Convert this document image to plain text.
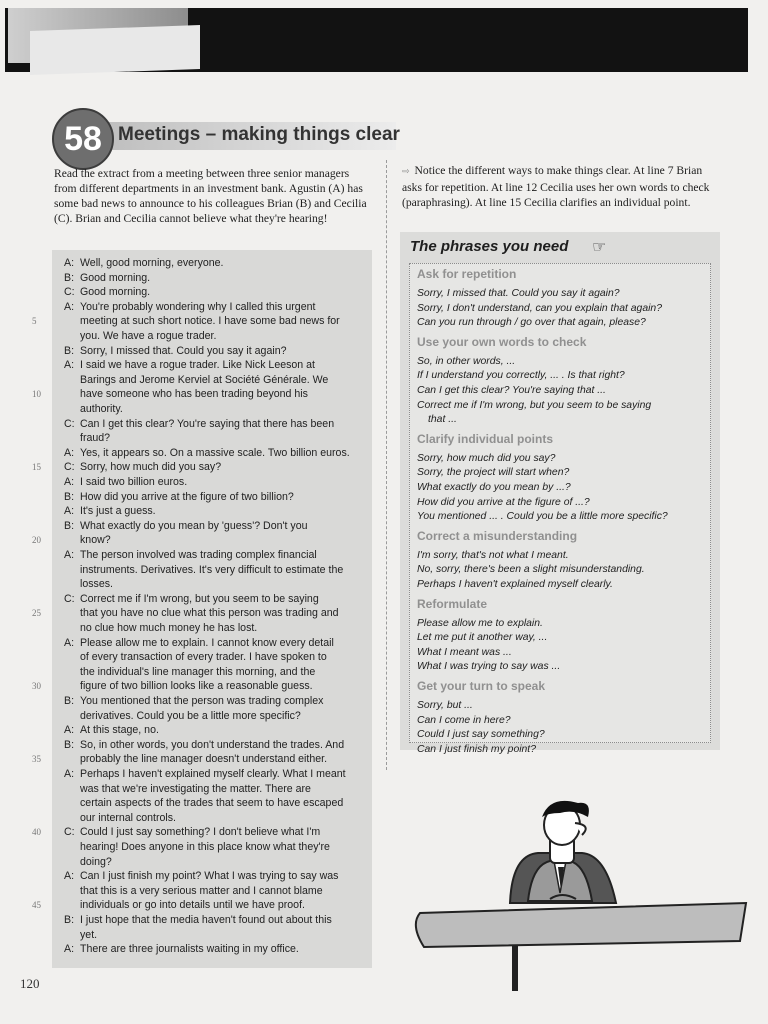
58 Meetings – making things clear
Read the extract from a meeting between three senior managers from different departments in an investment bank. Agustin (A) has some bad news to announce to his colleagues Brian (B) and Cecilia (C). Brian and Cecilia cannot believe what they're hearing!
⇨ Notice the different ways to make things clear. At line 7 Brian asks for repetition. At line 12 Cecilia uses her own words to check (paraphrasing). At line 15 Cecilia clarifies an individual point.
A: Well, good morning, everyone.
B: Good morning.
C: Good morning.
A: You're probably wondering why I called this urgent
meeting at such short notice. I have some bad news for
you. We have a rogue trader.
B: Sorry, I missed that. Could you say it again?
A: I said we have a rogue trader. Like Nick Leeson at
Barings and Jerome Kerviel at Société Générale. We
have someone who has been trading beyond his
authority.
C: Can I get this clear? You're saying that there has been
fraud?
A: Yes, it appears so. On a massive scale. Two billion euros.
C: Sorry, how much did you say?
A: I said two billion euros.
B: How did you arrive at the figure of two billion?
A: It's just a guess.
B: What exactly do you mean by 'guess'? Don't you
know?
A: The person involved was trading complex financial
instruments. Derivatives. It's very difficult to estimate the
losses.
C: Correct me if I'm wrong, but you seem to be saying
that you have no clue what this person was trading and
no clue how much money he has lost.
A: Please allow me to explain. I cannot know every detail
of every transaction of every trader. I have spoken to
the individual's line manager this morning, and the
figure of two billion looks like a reasonable guess.
B: You mentioned that the person was trading complex
derivatives. Could you be a little more specific?
A: At this stage, no.
B: So, in other words, you don't understand the trades. And
probably the line manager doesn't understand either.
A: Perhaps I haven't explained myself clearly. What I meant
was that we're investigating the matter. There are
certain aspects of the trades that seem to have escaped
our internal controls.
C: Could I just say something? I don't believe what I'm
hearing! Does anyone in this place know what they're
doing?
A: Can I just finish my point? What I was trying to say was
that this is a very serious matter and I cannot blame
individuals or go into details until we have proof.
B: I just hope that the media haven't found out about this
yet.
A: There are three journalists waiting in my office.
5
10
15
20
25
30
35
40
45
The phrases you need ☞
Ask for repetition
Sorry, I missed that. Could you say it again?
Sorry, I don't understand, can you explain that again?
Can you run through / go over that again, please?
Use your own words to check
So, in other words, ...
If I understand you correctly, ... . Is that right?
Can I get this clear? You're saying that ...
Correct me if I'm wrong, but you seem to be saying
that ...
Clarify individual points
Sorry, how much did you say?
Sorry, the project will start when?
What exactly do you mean by ...?
How did you arrive at the figure of ...?
You mentioned ... . Could you be a little more specific?
Correct a misunderstanding
I'm sorry, that's not what I meant.
No, sorry, there's been a slight misunderstanding.
Perhaps I haven't explained myself clearly.
Reformulate
Please allow me to explain.
Let me put it another way, ...
What I meant was ...
What I was trying to say was ...
Get your turn to speak
Sorry, but ...
Can I come in here?
Could I just say something?
Can I just finish my point?
120
